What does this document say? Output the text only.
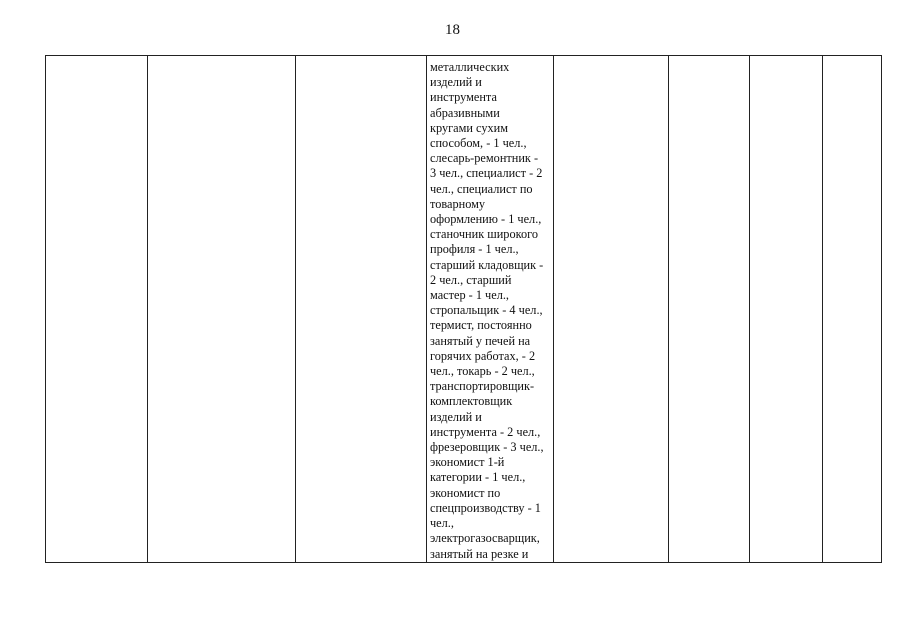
18

металлических
изделий и
инструмента
абразивными
кругами сухим
способом, - 1 чел.,
слесарь-ремонтник -
3 чел., специалист - 2
чел., специалист по
товарному
оформлению - 1 чел.,
станочник широкого
профиля - 1 чел.,
старший кладовщик -
2 чел., старший
мастер - 1 чел.,
стропальщик - 4 чел.,
термист, постоянно
занятый у печей на
горячих работах, - 2
чел., токарь - 2 чел.,
транспортировщик-
комплектовщик
изделий и
инструмента - 2 чел.,
фрезеровщик - 3 чел.,
экономист 1-й
категории - 1 чел.,
экономист по
спецпроизводству - 1
чел.,
электрогазосварщик,
занятый на резке и
